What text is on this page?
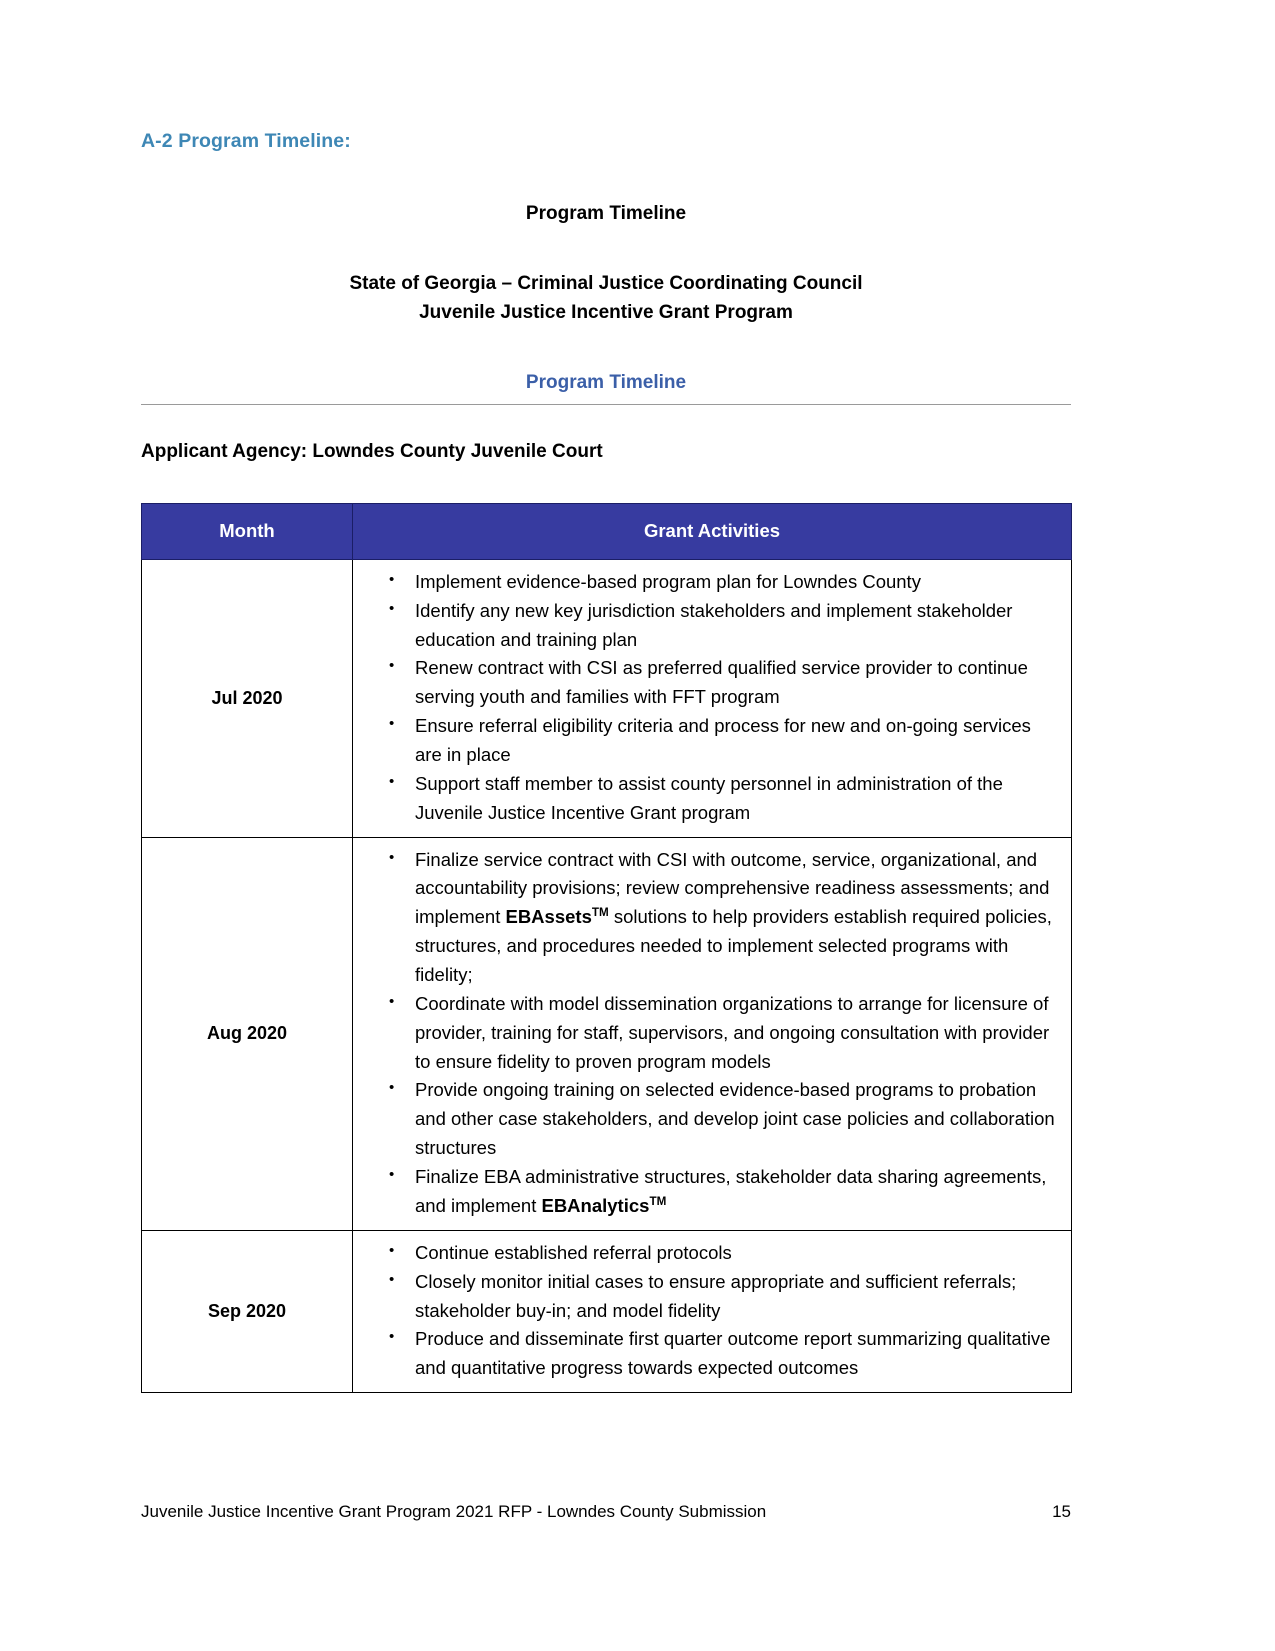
A-2 Program Timeline:
Program Timeline
State of Georgia – Criminal Justice Coordinating Council
Juvenile Justice Incentive Grant Program
Program Timeline
Applicant Agency: Lowndes County Juvenile Court
Month	Grant Activities
Jul 2020	
• Implement evidence-based program plan for Lowndes County
• Identify any new key jurisdiction stakeholders and implement stakeholder education and training plan
• Renew contract with CSI as preferred qualified service provider to continue serving youth and families with FFT program
• Ensure referral eligibility criteria and process for new and on-going services are in place
• Support staff member to assist county personnel in administration of the Juvenile Justice Incentive Grant program

Aug 2020	
• Finalize service contract with CSI with outcome, service, organizational, and accountability provisions; review comprehensive readiness assessments; and implement EBAssets™ solutions to help providers establish required policies, structures, and procedures needed to implement selected programs with fidelity;
• Coordinate with model dissemination organizations to arrange for licensure of provider, training for staff, supervisors, and ongoing consultation with provider to ensure fidelity to proven program models
• Provide ongoing training on selected evidence-based programs to probation and other case stakeholders, and develop joint case policies and collaboration structures
• Finalize EBA administrative structures, stakeholder data sharing agreements, and implement EBAnalytics™

Sep 2020	
• Continue established referral protocols
• Closely monitor initial cases to ensure appropriate and sufficient referrals; stakeholder buy-in; and model fidelity
• Produce and disseminate first quarter outcome report summarizing qualitative and quantitative progress towards expected outcomes
Juvenile Justice Incentive Grant Program 2021 RFP - Lowndes County Submission	15
